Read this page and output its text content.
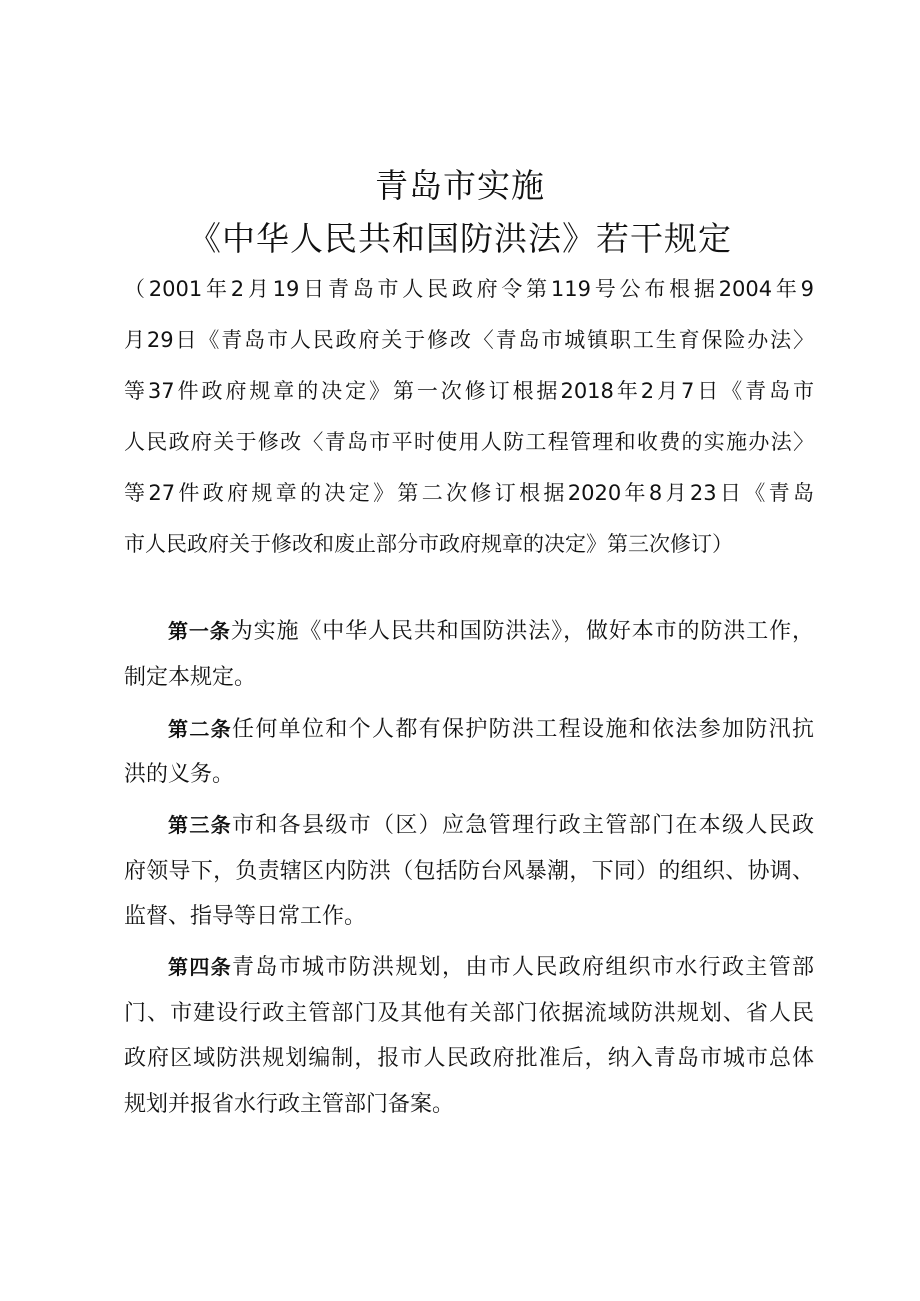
青岛市实施
《中华人民共和国防洪法》若干规定
（2001年2月19日青岛市人民政府令第119号公布根据2004年9
月29日《青岛市人民政府关于修改〈青岛市城镇职工生育保险办法〉
等37件政府规章的决定》第一次修订根据2018年2月7日《青岛市
人民政府关于修改〈青岛市平时使用人防工程管理和收费的实施办法〉
等27件政府规章的决定》第二次修订根据2020年8月23日《青岛
市人民政府关于修改和废止部分市政府规章的决定》第三次修订）
第一条为实施《中华人民共和国防洪法》，做好本市的防洪工作，
制定本规定。
第二条任何单位和个人都有保护防洪工程设施和依法参加防汛抗
洪的义务。
第三条市和各县级市（区）应急管理行政主管部门在本级人民政
府领导下，负责辖区内防洪（包括防台风暴潮，下同）的组织、协调、
监督、指导等日常工作。
第四条青岛市城市防洪规划，由市人民政府组织市水行政主管部
门、市建设行政主管部门及其他有关部门依据流域防洪规划、省人民
政府区域防洪规划编制，报市人民政府批准后，纳入青岛市城市总体
规划并报省水行政主管部门备案。
